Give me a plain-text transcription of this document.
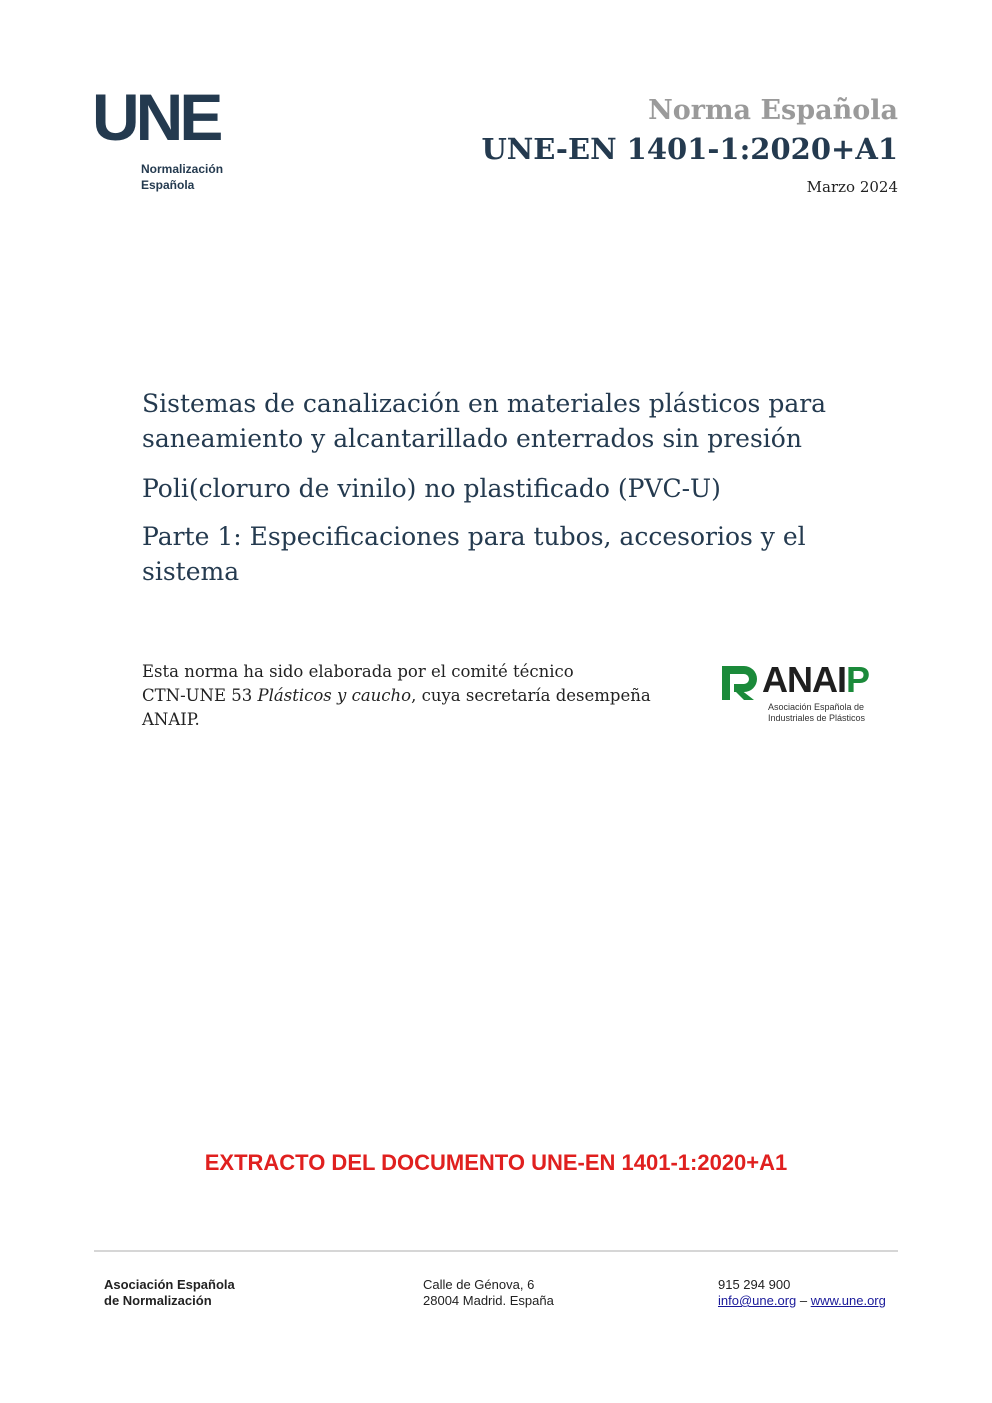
UNE
Normalización
Española
Norma Española
UNE-EN 1401-1:2020+A1
Marzo 2024
Sistemas de canalización en materiales plásticos para
saneamiento y alcantarillado enterrados sin presión
Poli(cloruro de vinilo) no plastificado (PVC-U)
Parte 1: Especificaciones para tubos, accesorios y el
sistema
Esta norma ha sido elaborada por el comité técnico
CTN-UNE 53 Plásticos y caucho, cuya secretaría desempeña
ANAIP.
ANAIP
Asociación Española de
Industriales de Plásticos
EXTRACTO DEL DOCUMENTO UNE-EN 1401-1:2020+A1
Asociación Española
de Normalización
Calle de Génova, 6
28004 Madrid. España
915 294 900
info@une.org – www.une.org
